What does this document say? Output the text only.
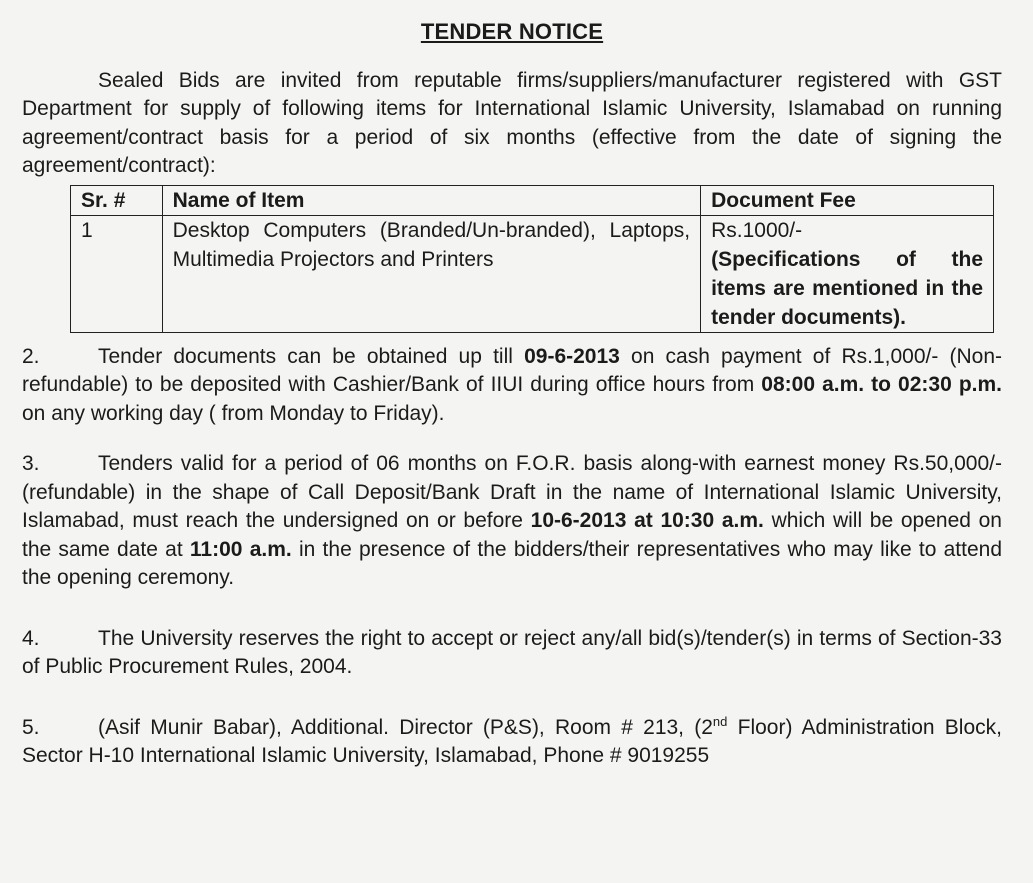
TENDER NOTICE

Sealed Bids are invited from reputable firms/suppliers/manufacturer registered with GST Department for supply of following items for International Islamic University, Islamabad on running agreement/contract basis for a period of six months (effective from the date of signing the agreement/contract):

Sr. #	Name of Item	Document Fee
1	Desktop Computers (Branded/Un-branded), Laptops, Multimedia Projectors and Printers	Rs.1000/-
(Specifications of the items are mentioned in the tender documents).

2.	Tender documents can be obtained up till 09-6-2013 on cash payment of Rs.1,000/- (Non-refundable) to be deposited with Cashier/Bank of IIUI during office hours from 08:00 a.m. to 02:30 p.m. on any working day ( from Monday to Friday).

3.	Tenders valid for a period of 06 months on F.O.R. basis along-with earnest money Rs.50,000/- (refundable) in the shape of Call Deposit/Bank Draft in the name of International Islamic University, Islamabad, must reach the undersigned on or before 10-6-2013 at 10:30 a.m. which will be opened on the same date at 11:00 a.m. in the presence of the bidders/their representatives who may like to attend the opening ceremony.

4.	The University reserves the right to accept or reject any/all bid(s)/tender(s) in terms of Section-33 of Public Procurement Rules, 2004.

5.	(Asif Munir Babar), Additional. Director (P&S), Room # 213, (2nd Floor) Administration Block, Sector H-10 International Islamic University, Islamabad, Phone # 9019255
